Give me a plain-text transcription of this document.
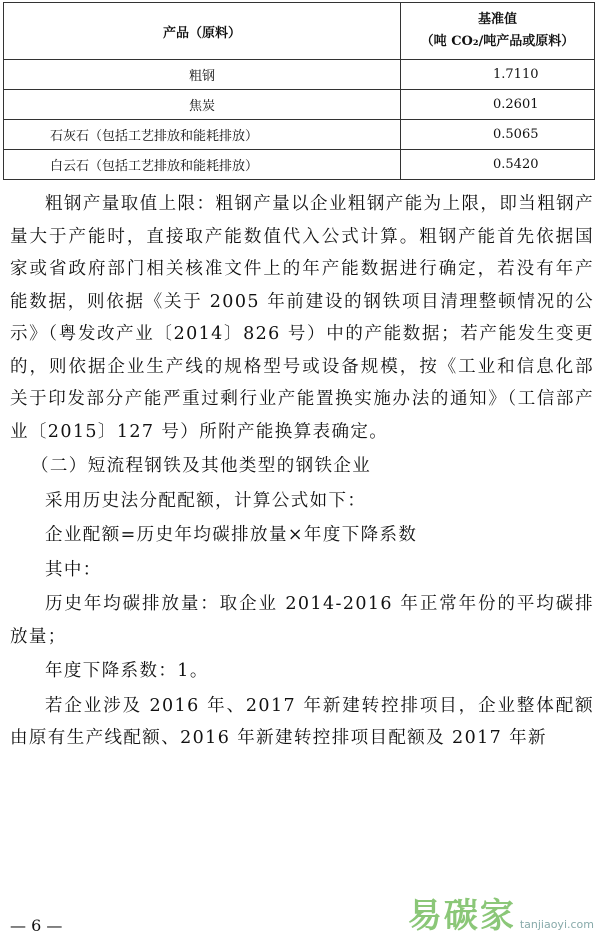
产品（原料）	基准值
（吨 CO₂/吨产品或原料）

粗钢	1.7110
焦炭	0.2601
石灰石（包括工艺排放和能耗排放）	0.5065
白云石（包括工艺排放和能耗排放）	0.5420

粗钢产量取值上限：粗钢产量以企业粗钢产能为上限，即当粗钢产量大于产能时，直接取产能数值代入公式计算。粗钢产能首先依据国家或省政府部门相关核准文件上的年产能数据进行确定，若没有年产能数据，则依据《关于 2005 年前建设的钢铁项目清理整顿情况的公示》（粤发改产业〔2014〕826 号）中的产能数据；若产能发生变更的，则依据企业生产线的规格型号或设备规模，按《工业和信息化部关于印发部分产能严重过剩行业产能置换实施办法的通知》（工信部产业〔2015〕127 号）所附产能换算表确定。

（二）短流程钢铁及其他类型的钢铁企业

采用历史法分配配额，计算公式如下：

企业配额=历史年均碳排放量×年度下降系数

其中：

历史年均碳排放量：取企业 2014-2016 年正常年份的平均碳排放量；

年度下降系数：1。

若企业涉及 2016 年、2017 年新建转控排项目，企业整体配额由原有生产线配额、2016 年新建转控排项目配额及 2017 年新

— 6 —	易碳家 tanjiaoyi.com
